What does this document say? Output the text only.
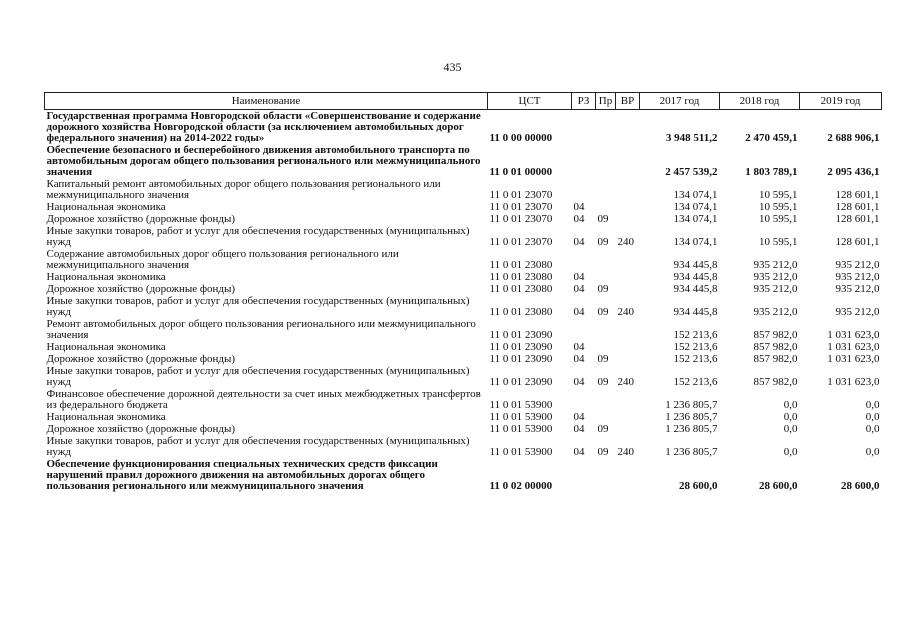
435
Наименование	ЦСТ	РЗ	Пр	ВР	2017 год	2018 год	2019 год
Государственная программа Новгородской области «Совершенствование и содержание дорожного хозяйства Новгородской области (за исключением автомобильных дорог федерального значения) на 2014-2022 годы»	11 0 00 00000				3 948 511,2	2 470 459,1	2 688 906,1
Обеспечение безопасного и бесперебойного движения автомобильного транспорта по автомобильным дорогам общего пользования регионального или межмуниципального значения	11 0 01 00000				2 457 539,2	1 803 789,1	2 095 436,1
Капитальный ремонт автомобильных дорог общего пользования регионального или межмуниципального значения	11 0 01 23070				134 074,1	10 595,1	128 601,1
Национальная экономика	11 0 01 23070	04			134 074,1	10 595,1	128 601,1
Дорожное хозяйство (дорожные фонды)	11 0 01 23070	04	09		134 074,1	10 595,1	128 601,1
Иные закупки товаров, работ и услуг для обеспечения государственных (муниципальных) нужд	11 0 01 23070	04	09	240	134 074,1	10 595,1	128 601,1
Содержание автомобильных дорог общего пользования регионального или межмуниципального значения	11 0 01 23080				934 445,8	935 212,0	935 212,0
Национальная экономика	11 0 01 23080	04			934 445,8	935 212,0	935 212,0
Дорожное хозяйство (дорожные фонды)	11 0 01 23080	04	09		934 445,8	935 212,0	935 212,0
Иные закупки товаров, работ и услуг для обеспечения государственных (муниципальных) нужд	11 0 01 23080	04	09	240	934 445,8	935 212,0	935 212,0
Ремонт автомобильных дорог общего пользования регионального или межмуниципального значения	11 0 01 23090				152 213,6	857 982,0	1 031 623,0
Национальная экономика	11 0 01 23090	04			152 213,6	857 982,0	1 031 623,0
Дорожное хозяйство (дорожные фонды)	11 0 01 23090	04	09		152 213,6	857 982,0	1 031 623,0
Иные закупки товаров, работ и услуг для обеспечения государственных (муниципальных) нужд	11 0 01 23090	04	09	240	152 213,6	857 982,0	1 031 623,0
Финансовое обеспечение дорожной деятельности за счет иных межбюджетных трансфертов из федерального бюджета	11 0 01 53900				1 236 805,7	0,0	0,0
Национальная экономика	11 0 01 53900	04			1 236 805,7	0,0	0,0
Дорожное хозяйство (дорожные фонды)	11 0 01 53900	04	09		1 236 805,7	0,0	0,0
Иные закупки товаров, работ и услуг для обеспечения государственных (муниципальных) нужд	11 0 01 53900	04	09	240	1 236 805,7	0,0	0,0
Обеспечение функционирования специальных технических средств фиксации нарушений правил дорожного движения на автомобильных дорогах общего пользования регионального или межмуниципального значения	11 0 02 00000				28 600,0	28 600,0	28 600,0
